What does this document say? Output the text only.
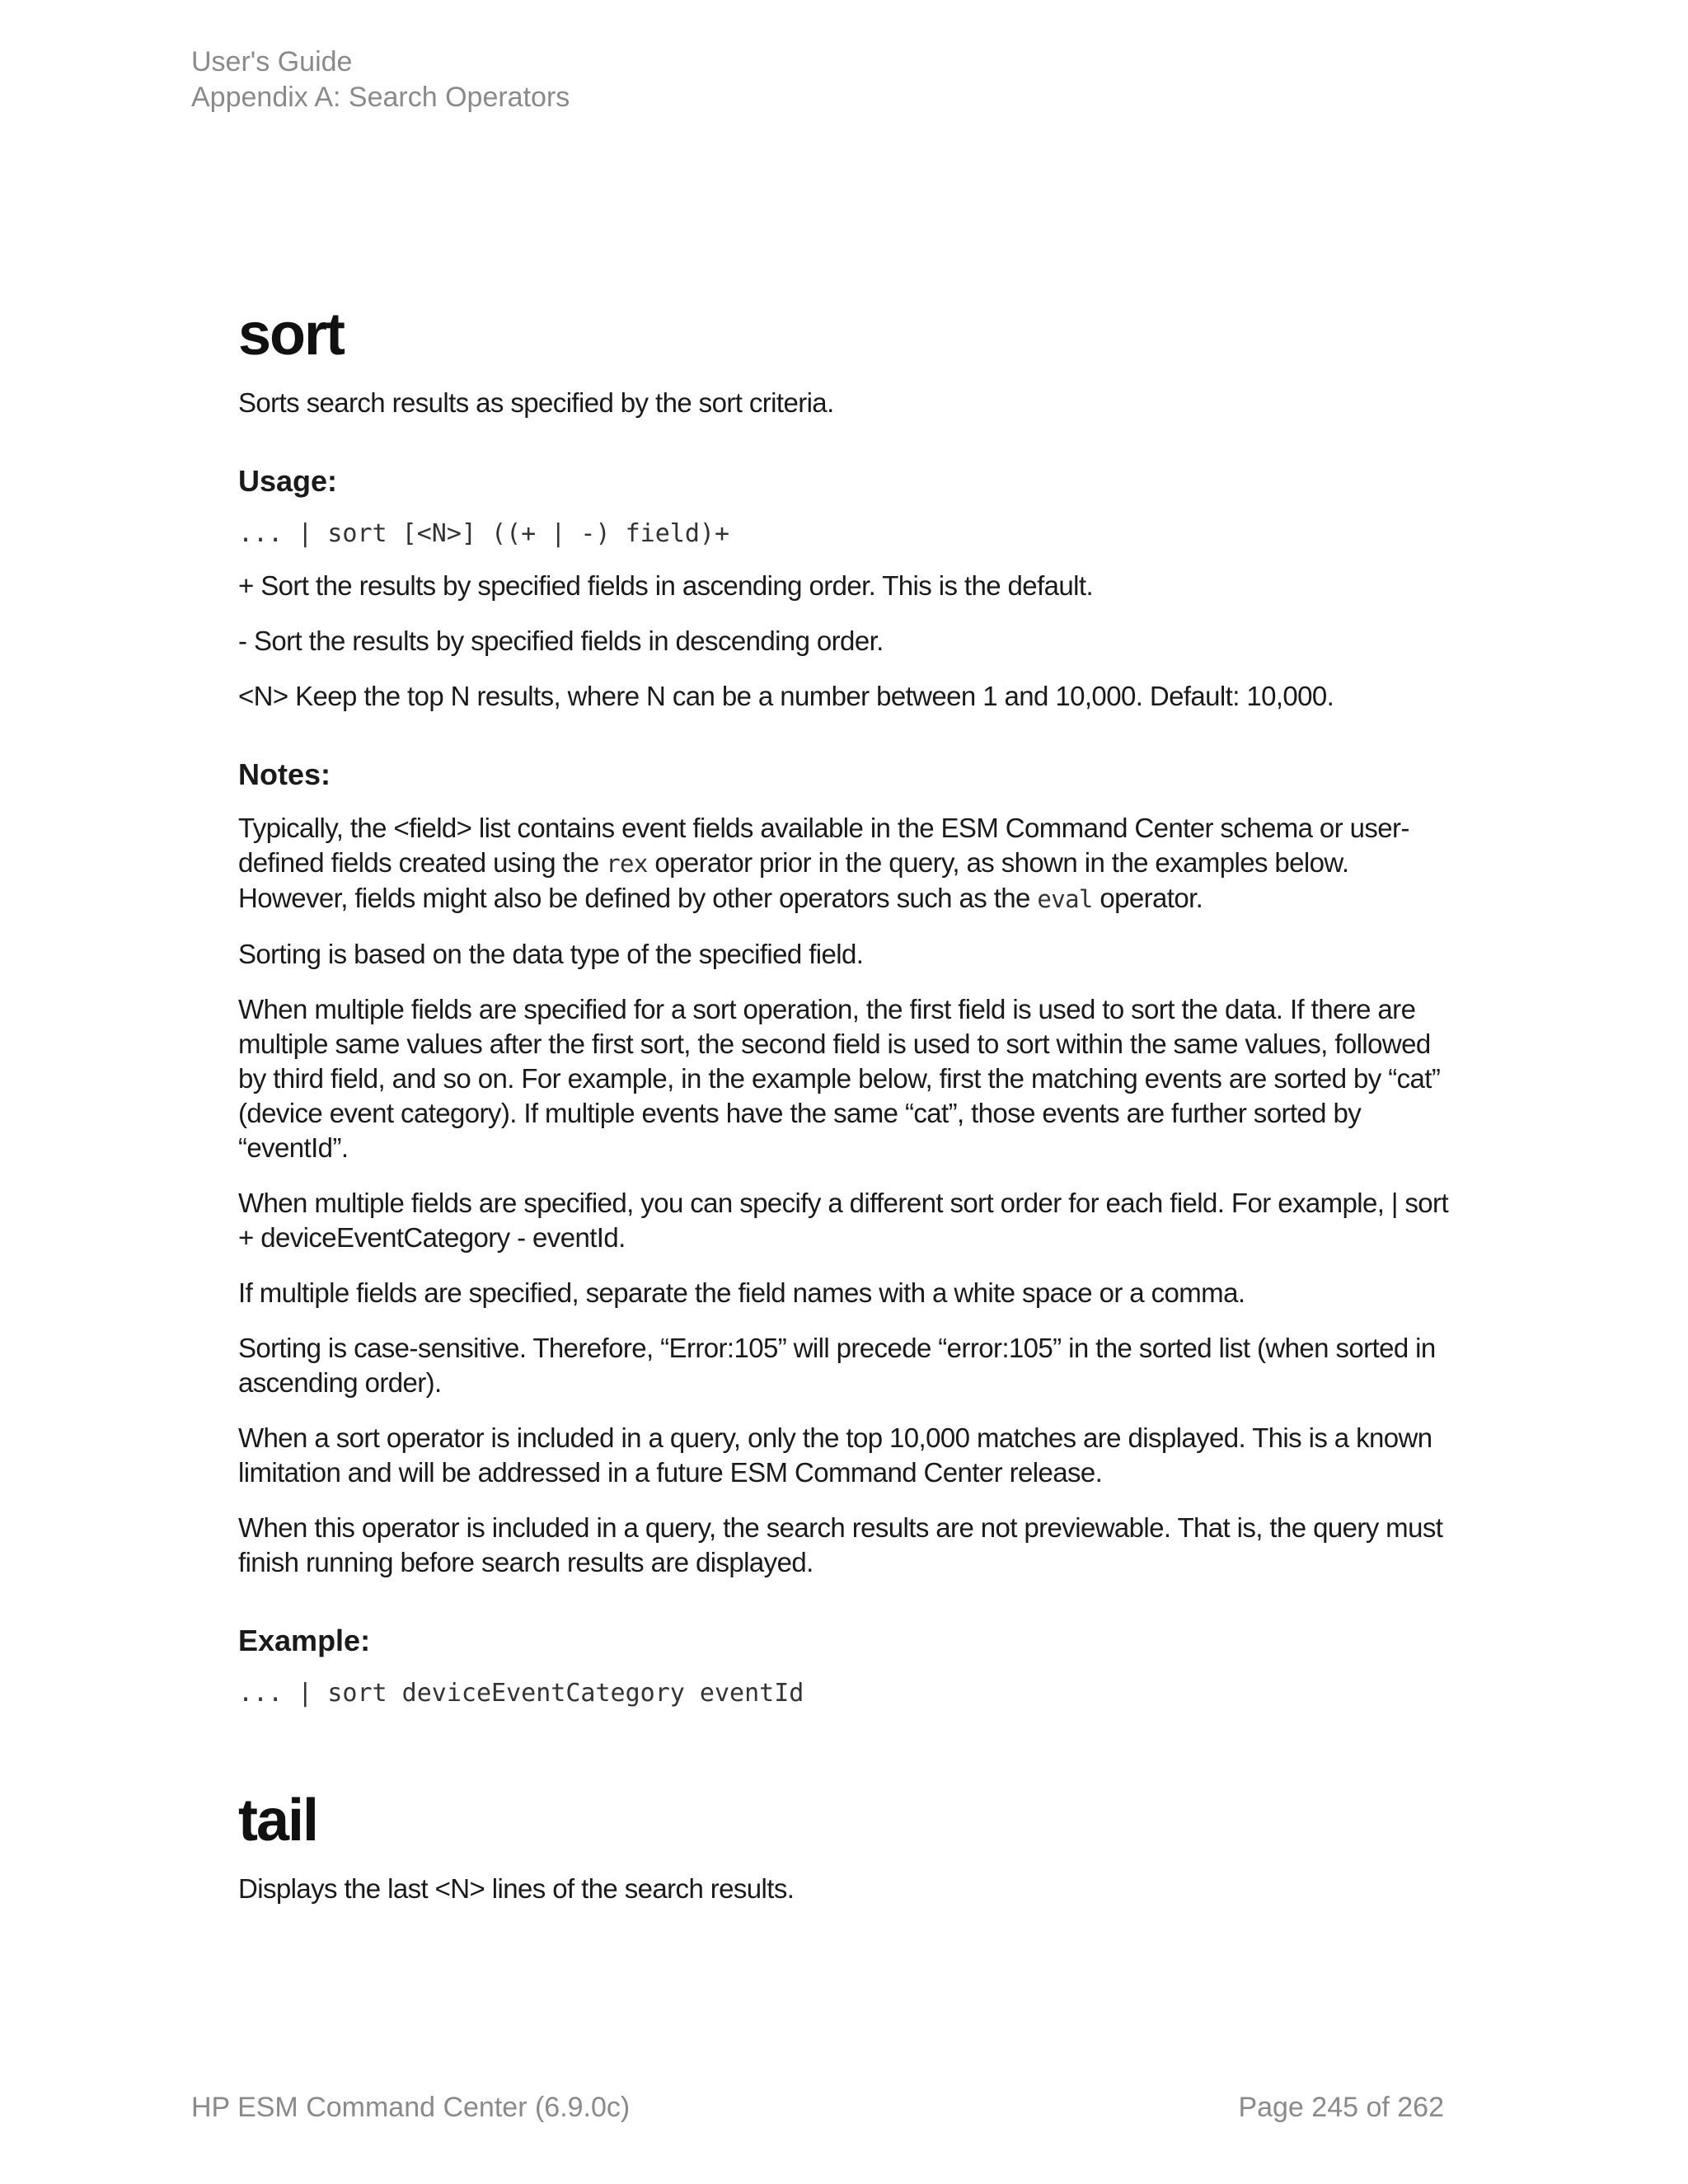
User's Guide
Appendix A: Search Operators
sort

Sorts search results as specified by the sort criteria.

Usage:
... | sort [<N>] ((+ | -) field)+

+ Sort the results by specified fields in ascending order. This is the default.

- Sort the results by specified fields in descending order.

<N> Keep the top N results, where N can be a number between 1 and 10,000. Default: 10,000.

Notes:

Typically, the <field> list contains event fields available in the ESM Command Center schema or user-defined fields created using the rex operator prior in the query, as shown in the examples below. However, fields might also be defined by other operators such as the eval operator.

Sorting is based on the data type of the specified field.

When multiple fields are specified for a sort operation, the first field is used to sort the data. If there are multiple same values after the first sort, the second field is used to sort within the same values, followed by third field, and so on. For example, in the example below, first the matching events are sorted by “cat” (device event category). If multiple events have the same “cat”, those events are further sorted by “eventId”.

When multiple fields are specified, you can specify a different sort order for each field. For example, | sort + deviceEventCategory - eventId.

If multiple fields are specified, separate the field names with a white space or a comma.

Sorting is case-sensitive. Therefore, “Error:105” will precede “error:105” in the sorted list (when sorted in ascending order).

When a sort operator is included in a query, only the top 10,000 matches are displayed. This is a known limitation and will be addressed in a future ESM Command Center release.

When this operator is included in a query, the search results are not previewable. That is, the query must finish running before search results are displayed.

Example:
... | sort deviceEventCategory eventId
tail

Displays the last <N> lines of the search results.

HP ESM Command Center (6.9.0c)	Page 245 of 262
